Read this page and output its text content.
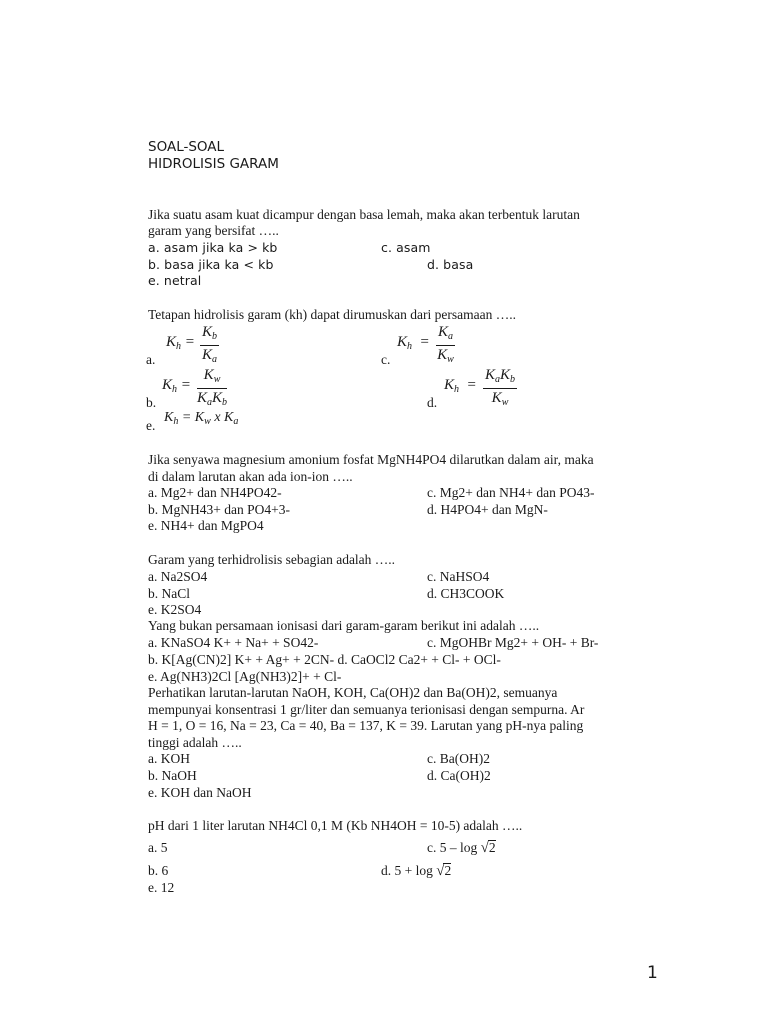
SOAL-SOAL
HIDROLISIS GARAM
Jika suatu asam kuat dicampur dengan basa lemah, maka akan terbentuk larutan
garam yang bersifat …..
a. asam jika ka > kb	c. asam
b. basa jika ka < kb	d. basa
e. netral
Tetapan hidrolisis garam (kh) dapat dirumuskan dari persamaan …..
$K_h = \frac{K_b}{K_a}$
a.
$K_h = \frac{K_a}{K_w}$
c.
$K_h$ =
$K_w$
$K_aK_b$
b.
$K_h$ =
$K_aK_b$
$K_w$
d.
e.
$K_h = K_w$ x $K_a$
Jika senyawa magnesium amonium fosfat MgNH4PO4 dilarutkan dalam air, maka
di dalam larutan akan ada ion-ion …..
a. Mg2+ dan NH4PO42-	c. Mg2+ dan NH4+ dan PO43-
b. MgNH43+ dan PO4+3-	d. H4PO4+ dan MgN-
e. NH4+ dan MgPO4
Garam yang terhidrolisis sebagian adalah …..
a. Na2SO4	c. NaHSO4
b. NaCl	d. CH3COOK
e. K2SO4
Yang bukan persamaan ionisasi dari garam-garam berikut ini adalah …..
a. KNaSO4 K+ + Na+ + SO42-	c. MgOHBr Mg2+ + OH- + Br-
b. K[Ag(CN)2] K+ + Ag+ + 2CN- d. CaOCl2 Ca2+ + Cl- + OCl-
e. Ag(NH3)2Cl [Ag(NH3)2]+ + Cl-
Perhatikan larutan-larutan NaOH, KOH, Ca(OH)2 dan Ba(OH)2, semuanya
mempunyai konsentrasi 1 gr/liter dan semuanya terionisasi dengan sempurna. Ar
H = 1, O = 16, Na = 23, Ca = 40, Ba = 137, K = 39. Larutan yang pH-nya paling
tinggi adalah …..
a. KOH	c. Ba(OH)2
b. NaOH	d. Ca(OH)2
e. KOH dan NaOH
pH dari 1 liter larutan NH4Cl 0,1 M (Kb NH4OH = 10-5) adalah …..
a. 5	c. 5 – log √2
b. 6	d. 5 + log √2
e. 12
1
